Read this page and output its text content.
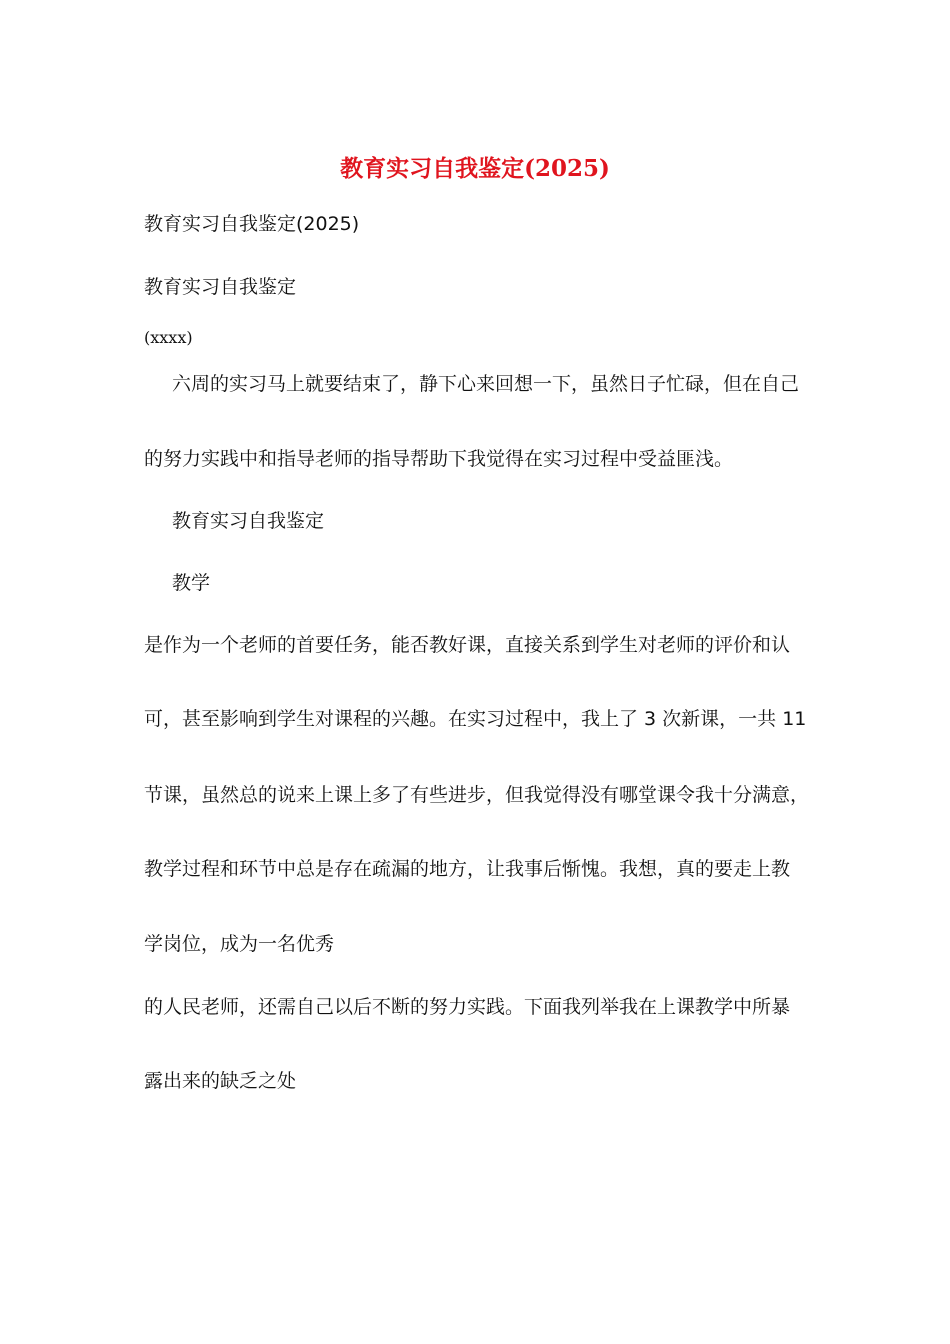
教育实习自我鉴定(2025)

教育实习自我鉴定(2025)

教育实习自我鉴定

(xxxx)

六周的实习马上就要结束了，静下心来回想一下，虽然日子忙碌，但在自己

的努力实践中和指导老师的指导帮助下我觉得在实习过程中受益匪浅。

教育实习自我鉴定

教学

是作为一个老师的首要任务，能否教好课，直接关系到学生对老师的评价和认

可，甚至影响到学生对课程的兴趣。在实习过程中，我上了 3 次新课，一共 11

节课，虽然总的说来上课上多了有些进步，但我觉得没有哪堂课令我十分满意，

教学过程和环节中总是存在疏漏的地方，让我事后惭愧。我想，真的要走上教

学岗位，成为一名优秀

的人民老师，还需自己以后不断的努力实践。下面我列举我在上课教学中所暴

露出来的缺乏之处
